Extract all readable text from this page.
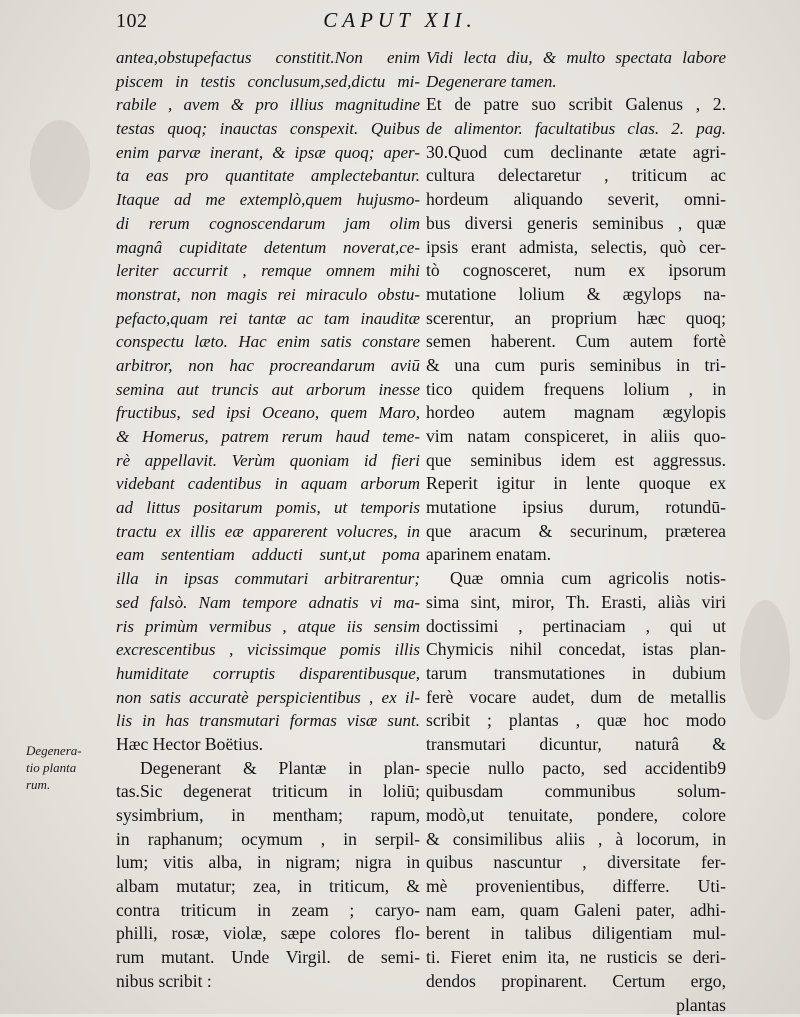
102	CAPUT XII.
antea,obstupefactus constitit.Non enim
piscem in testis conclusum,sed,dictu mi-
rabile , avem & pro illius magnitudine
testas quoq; inauctas conspexit. Quibus
enim parvæ inerant, & ipsæ quoq; aper-
ta eas pro quantitate amplectebantur.
Itaque ad me extemplò,quem hujusmo-
di rerum cognoscendarum jam olim
magnâ cupiditate detentum noverat,ce-
leriter accurrit , remque omnem mihi
monstrat, non magis rei miraculo obstu-
pefacto,quam rei tantæ ac tam inauditæ
conspectu læto. Hac enim satis constare
arbitror, non hac procreandarum aviū
semina aut truncis aut arborum inesse
fructibus, sed ipsi Oceano, quem Maro,
& Homerus, patrem rerum haud teme-
rè appellavit. Verùm quoniam id fieri
videbant cadentibus in aquam arborum
ad littus positarum pomis, ut temporis
tractu ex illis eæ apparerent volucres, in
eam sententiam adducti sunt,ut poma
illa in ipsas commutari arbitrarentur;
sed falsò. Nam tempore adnatis vi ma-
ris primùm vermibus , atque iis sensim
excrescentibus , vicissimque pomis illis
humiditate corruptis disparentibusque,
non satis accuratè perspicientibus , ex il-
lis in has transmutari formas visæ sunt.
Hæc Hector Boëtius.
Degenerant & Plantæ in plan-
tas.Sic degenerat triticum in loliū;
sysimbrium, in mentham; rapum,
in raphanum; ocymum , in serpil-
lum; vitis alba, in nigram; nigra in
albam mutatur; zea, in triticum, &
contra triticum in zeam ; caryo-
philli, rosæ, violæ, sæpe colores flo-
rum mutant. Unde Virgil. de semi-
nibus scribit :
Vidi lecta diu, & multo spectata labore
Degenerare tamen.
Et de patre suo scribit Galenus , 2.
de alimentor. facultatibus clas. 2. pag.
30.Quod cum declinante ætate agri-
cultura delectaretur , triticum ac
hordeum aliquando severit, omni-
bus diversi generis seminibus , quæ
ipsis erant admista, selectis, quò cer-
tò cognosceret, num ex ipsorum
mutatione lolium & ægylops na-
scerentur, an proprium hæc quoq;
semen haberent. Cum autem fortè
& una cum puris seminibus in tri-
tico quidem frequens lolium , in
hordeo autem magnam ægylopis
vim natam conspiceret, in aliis quo-
que seminibus idem est aggressus.
Reperit igitur in lente quoque ex
mutatione ipsius durum, rotundū-
que aracum & securinum, præterea
aparinem enatam.
Quæ omnia cum agricolis notis-
sima sint, miror, Th. Erasti, aliàs viri
doctissimi , pertinaciam , qui ut
Chymicis nihil concedat, istas plan-
tarum transmutationes in dubium
ferè vocare audet, dum de metallis
scribit ; plantas , quæ hoc modo
transmutari dicuntur, naturâ &
specie nullo pacto, sed accidentib9
quibusdam communibus solum-
modò,ut tenuitate, pondere, colore
& consimilibus aliis , à locorum, in
quibus nascuntur , diversitate fer-
mè provenientibus, differre. Uti-
nam eam, quam Galeni pater, adhi-
berent in talibus diligentiam mul-
ti. Fieret enim ita, ne rusticis se deri-
dendos propinarent. Certum ergo,
plantas
Degenera-
tio planta
rum.
